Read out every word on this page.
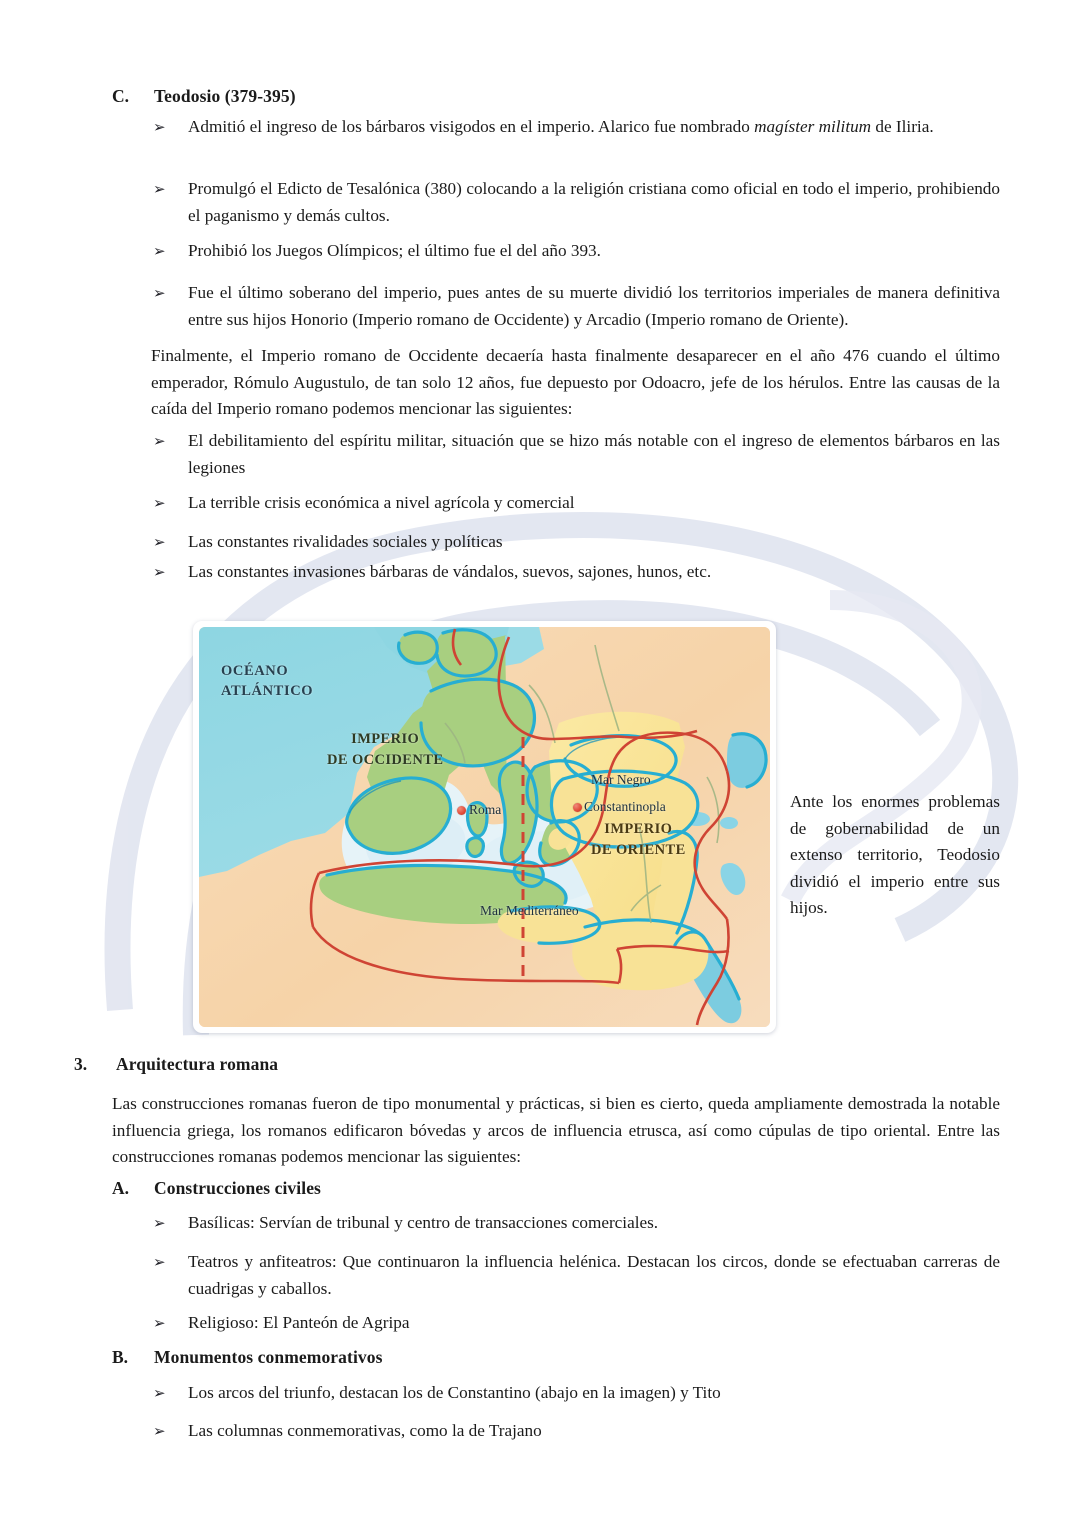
C.	Teodosio (379-395)
➢	Admitió el ingreso de los bárbaros visigodos en el imperio. Alarico fue nombrado magíster militum de Iliria.
➢	Promulgó el Edicto de Tesalónica (380) colocando a la religión cristiana como oficial en todo el imperio, prohibiendo el paganismo y demás cultos.
➢	Prohibió los Juegos Olímpicos; el último fue el del año 393.
➢	Fue el último soberano del imperio, pues antes de su muerte dividió los territorios imperiales de manera definitiva entre sus hijos Honorio (Imperio romano de Occidente) y Arcadio (Imperio romano de Oriente).
Finalmente, el Imperio romano de Occidente decaería hasta finalmente desaparecer en el año 476 cuando el último emperador, Rómulo Augustulo, de tan solo 12 años, fue depuesto por Odoacro, jefe de los hérulos. Entre las causas de la caída del Imperio romano podemos mencionar las siguientes:
➢	El debilitamiento del espíritu militar, situación que se hizo más notable con el ingreso de elementos bárbaros en las legiones
➢	La terrible crisis económica a nivel agrícola y comercial
➢	Las constantes rivalidades sociales y políticas
➢	Las constantes invasiones bárbaras de vándalos, suevos, sajones, hunos, etc.
OCÉANO
ATLÁNTICO
IMPERIO
DE OCCIDENTE
IMPERIO
DE ORIENTE
Mar Negro
Constantinopla
Roma
Mar Mediterráneo
Ante los enormes problemas de gobernabilidad de un extenso territorio, Teodosio dividió el imperio entre sus hijos.
3.	Arquitectura romana
Las construcciones romanas fueron de tipo monumental y prácticas, si bien es cierto, queda ampliamente demostrada la notable influencia griega, los romanos edificaron bóvedas y arcos de influencia etrusca, así como cúpulas de tipo oriental. Entre las construcciones romanas podemos mencionar las siguientes:
A.	Construcciones civiles
➢	Basílicas: Servían de tribunal y centro de transacciones comerciales.
➢	Teatros y anfiteatros: Que continuaron la influencia helénica. Destacan los circos, donde se efectuaban carreras de cuadrigas y caballos.
➢	Religioso: El Panteón de Agripa
B.	Monumentos conmemorativos
➢	Los arcos del triunfo, destacan los de Constantino (abajo en la imagen) y Tito
➢	Las columnas conmemorativas, como la de Trajano
